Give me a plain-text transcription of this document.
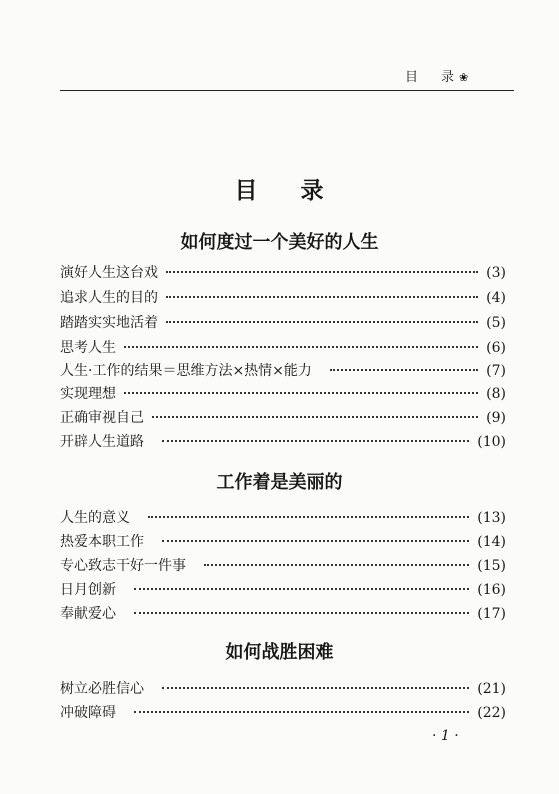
目 录 ❀
目 录
如何度过一个美好的人生
演好人生这台戏	(3)
追求人生的目的	(4)
踏踏实实地活着	(5)
思考人生	(6)
人生·工作的结果＝思维方法×热情×能力	(7)
实现理想	(8)
正确审视自己	(9)
开辟人生道路	(10)
工作着是美丽的
人生的意义	(13)
热爱本职工作	(14)
专心致志干好一件事	(15)
日月创新	(16)
奉献爱心	(17)
如何战胜困难
树立必胜信心	(21)
冲破障碍	(22)
· 1 ·
